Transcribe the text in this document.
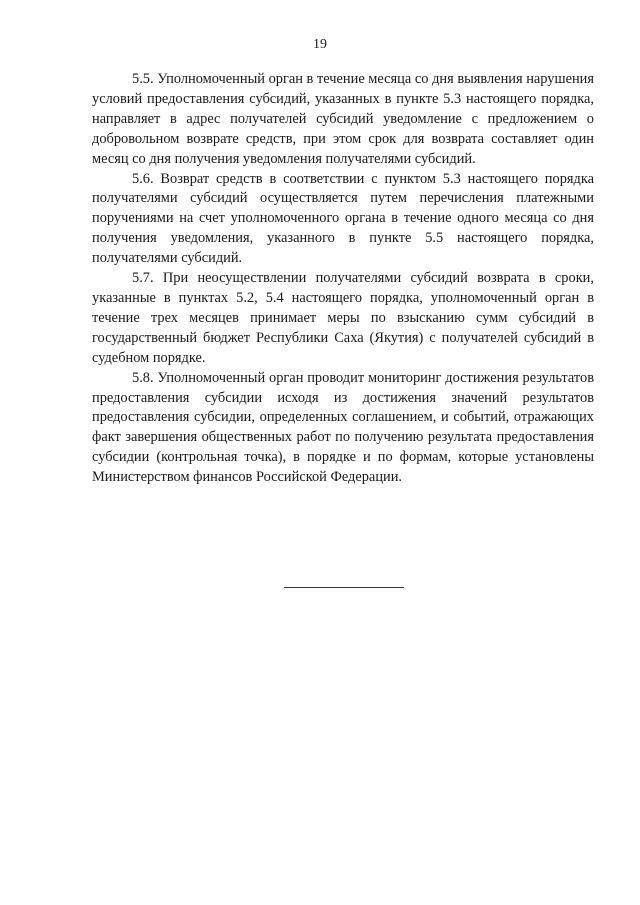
19

5.5. Уполномоченный орган в течение месяца со дня выявления нарушения условий предоставления субсидий, указанных в пункте 5.3 настоящего порядка, направляет в адрес получателей субсидий уведомление с предложением о добровольном возврате средств, при этом срок для возврата составляет один месяц со дня получения уведомления получателями субсидий.

5.6. Возврат средств в соответствии с пунктом 5.3 настоящего порядка получателями субсидий осуществляется путем перечисления платежными поручениями на счет уполномоченного органа в течение одного месяца со дня получения уведомления, указанного в пункте 5.5 настоящего порядка, получателями субсидий.

5.7. При неосуществлении получателями субсидий возврата в сроки, указанные в пунктах 5.2, 5.4 настоящего порядка, уполномоченный орган в течение трех месяцев принимает меры по взысканию сумм субсидий в государственный бюджет Республики Саха (Якутия) с получателей субсидий в судебном порядке.

5.8. Уполномоченный орган проводит мониторинг достижения результатов предоставления субсидии исходя из достижения значений результатов предоставления субсидии, определенных соглашением, и событий, отражающих факт завершения общественных работ по получению результата предоставления субсидии (контрольная точка), в порядке и по формам, которые установлены Министерством финансов Российской Федерации.
